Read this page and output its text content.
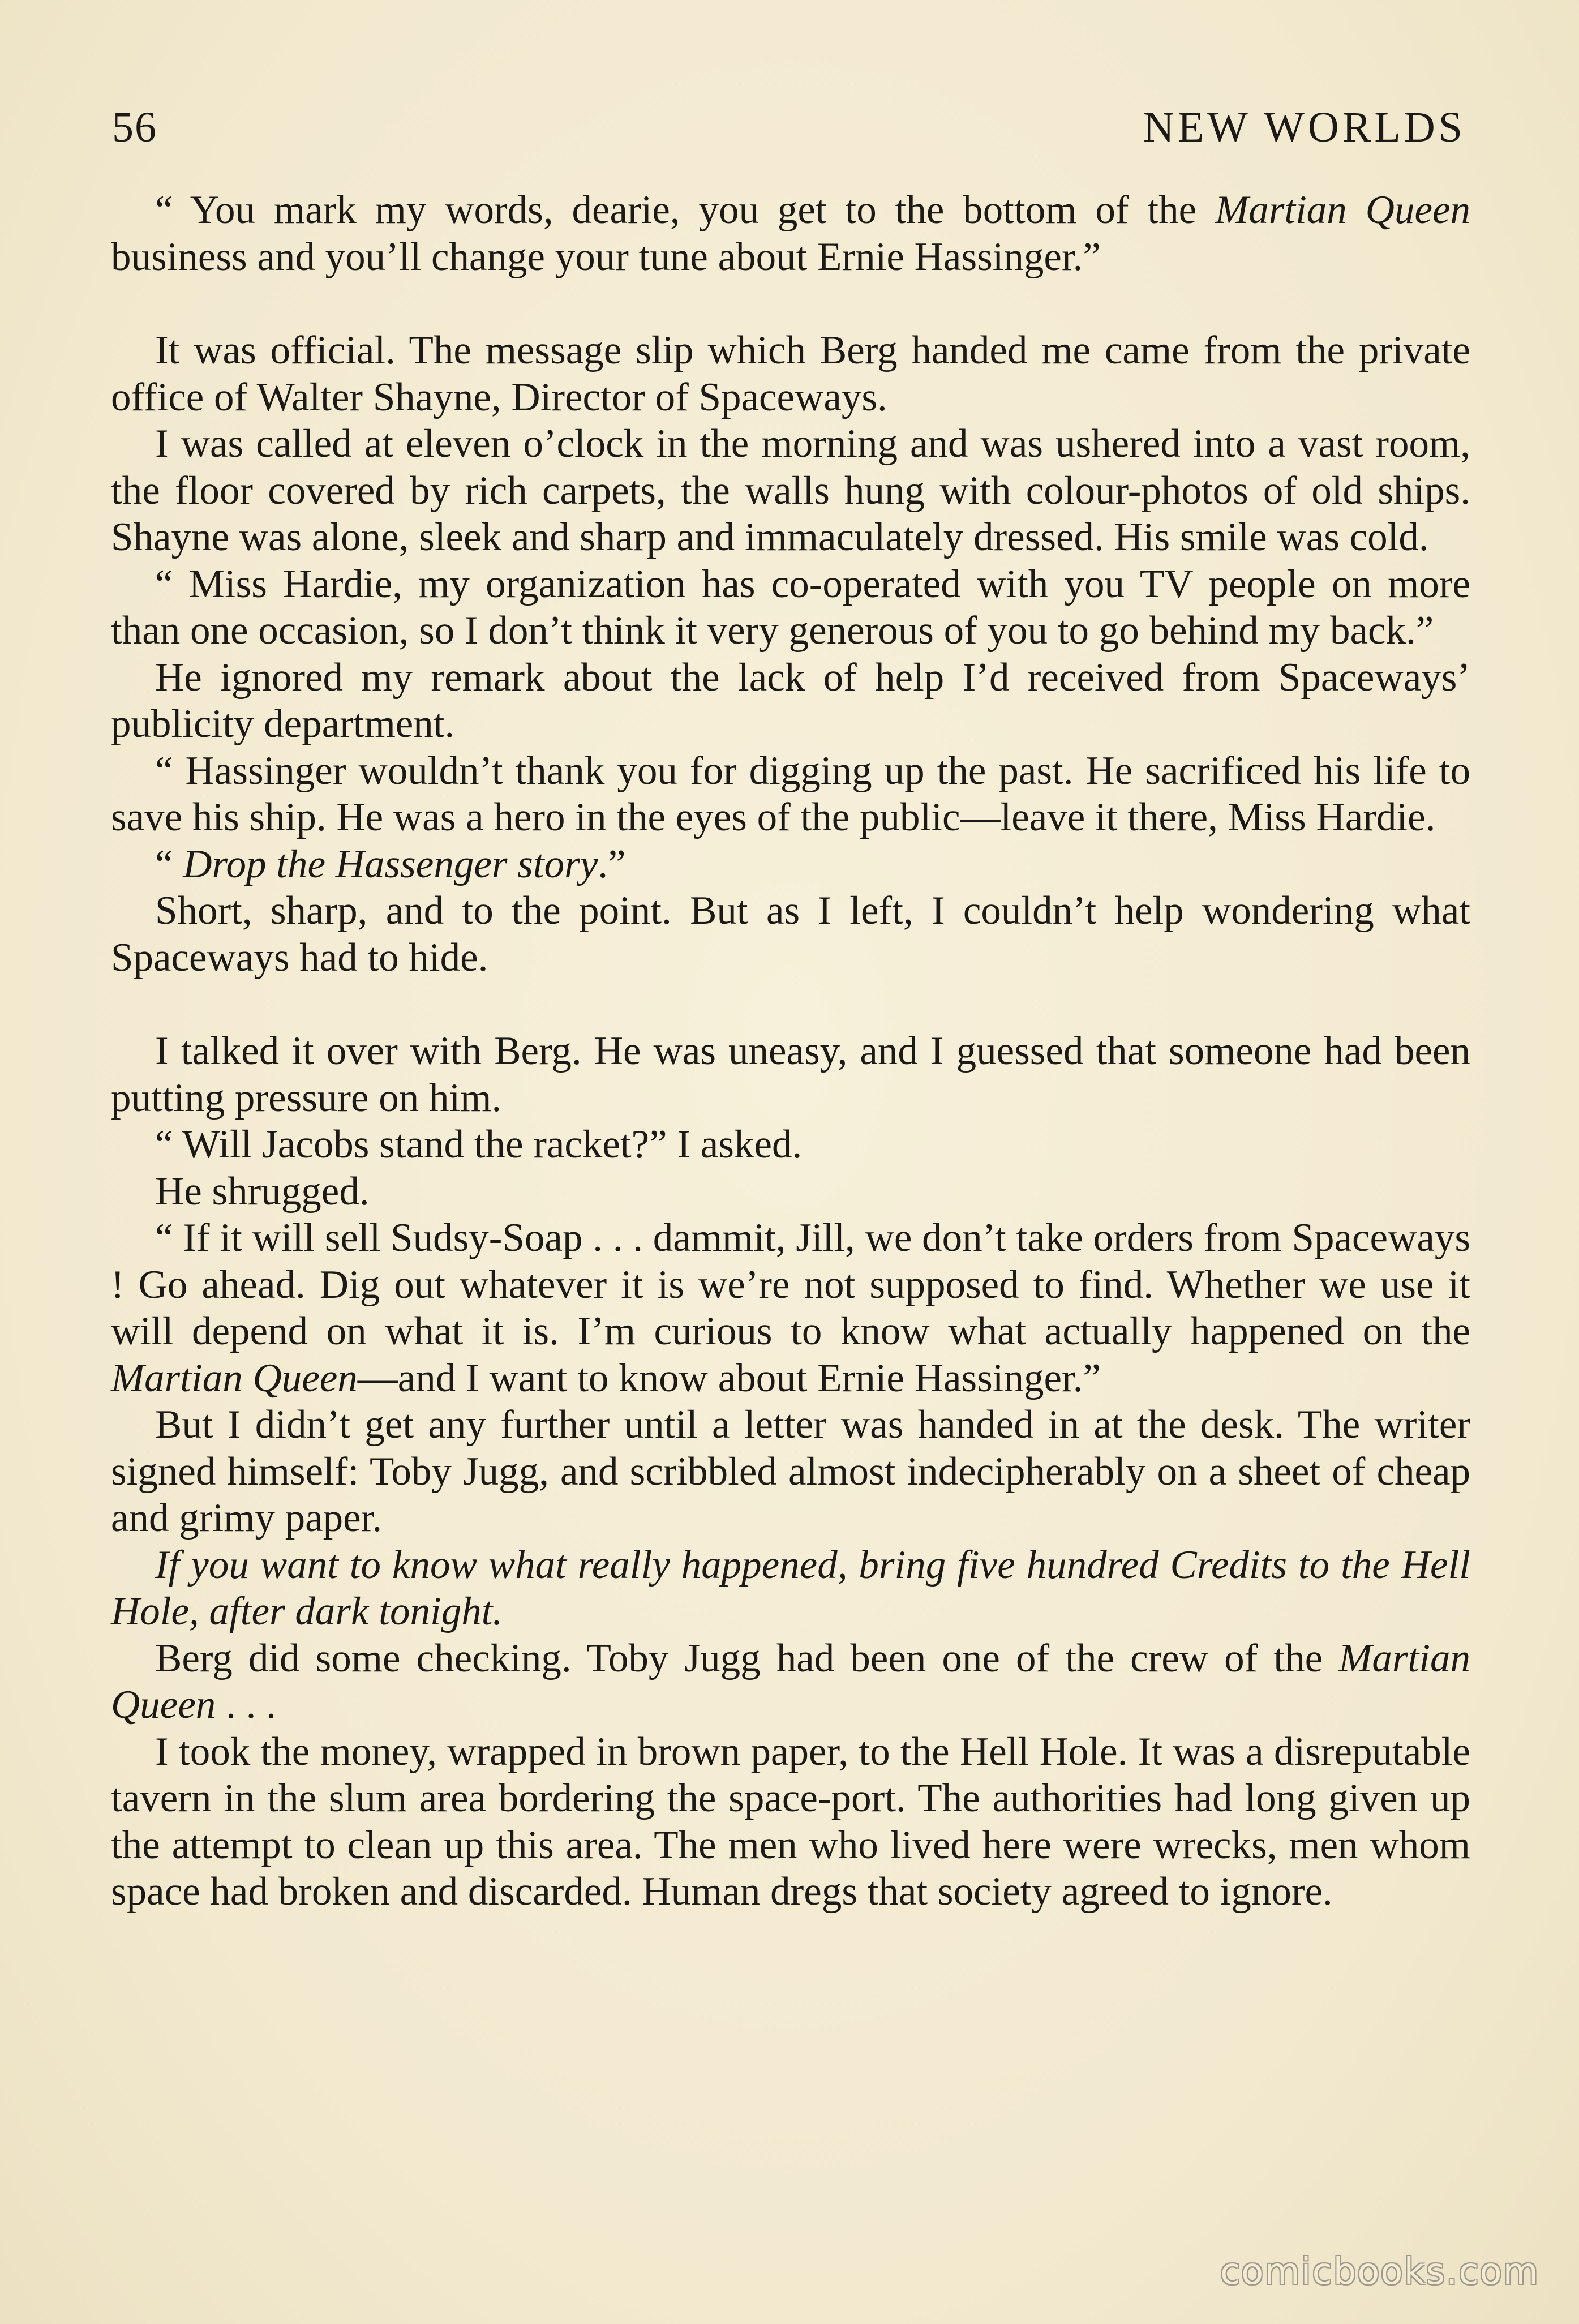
56	NEW WORLDS

“ You mark my words, dearie, you get to the bottom of the Martian Queen business and you’ll change your tune about Ernie Hassinger.”

It was official. The message slip which Berg handed me came from the private office of Walter Shayne, Director of Spaceways.

I was called at eleven o’clock in the morning and was ushered into a vast room, the floor covered by rich carpets, the walls hung with colour-photos of old ships. Shayne was alone, sleek and sharp and immaculately dressed. His smile was cold.

“ Miss Hardie, my organization has co-operated with you TV people on more than one occasion, so I don’t think it very generous of you to go behind my back.”

He ignored my remark about the lack of help I’d received from Spaceways’ publicity department.

“ Hassinger wouldn’t thank you for digging up the past. He sacrificed his life to save his ship. He was a hero in the eyes of the public—leave it there, Miss Hardie.

“ Drop the Hassenger story.”

Short, sharp, and to the point. But as I left, I couldn’t help wondering what Spaceways had to hide.

I talked it over with Berg. He was uneasy, and I guessed that someone had been putting pressure on him.

“ Will Jacobs stand the racket?” I asked.

He shrugged.

“ If it will sell Sudsy-Soap . . . dammit, Jill, we don’t take orders from Spaceways ! Go ahead. Dig out whatever it is we’re not supposed to find. Whether we use it will depend on what it is. I’m curious to know what actually happened on the Martian Queen—and I want to know about Ernie Hassinger.”

But I didn’t get any further until a letter was handed in at the desk. The writer signed himself: Toby Jugg, and scribbled almost indecipherably on a sheet of cheap and grimy paper.

If you want to know what really happened, bring five hundred Credits to the Hell Hole, after dark tonight.

Berg did some checking. Toby Jugg had been one of the crew of the Martian Queen . . .

I took the money, wrapped in brown paper, to the Hell Hole. It was a disreputable tavern in the slum area bordering the space-port. The authorities had long given up the attempt to clean up this area. The men who lived here were wrecks, men whom space had broken and discarded. Human dregs that society agreed to ignore.

comicbooks.com
